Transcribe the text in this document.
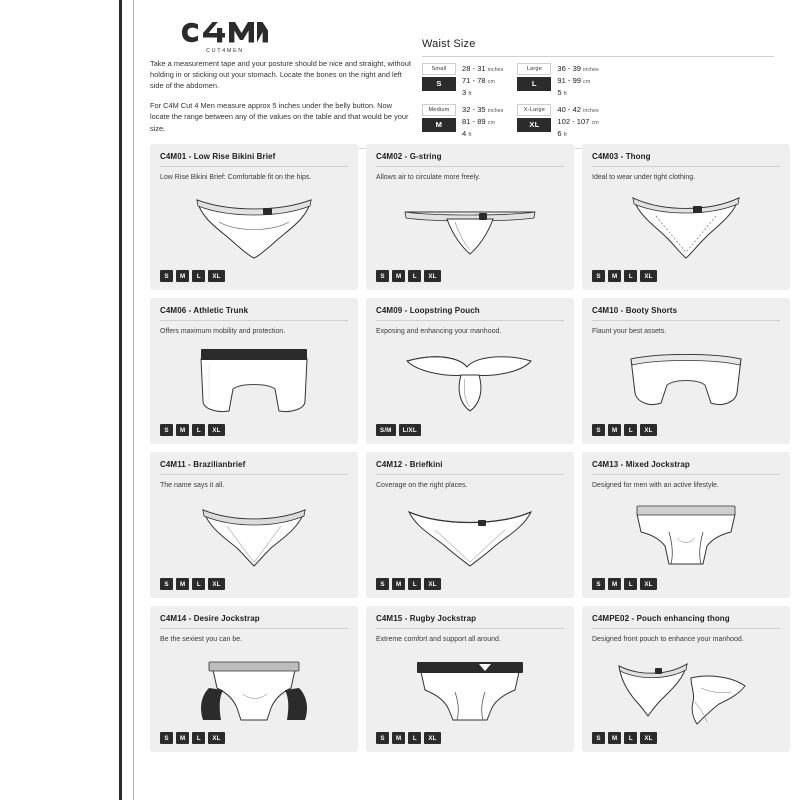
CUT4MEN

Take a measurement tape and your posture should be nice and straight, without holding in or sticking out your stomach. Locate the bones on the right and left side of the abdomen.

For C4M Cut 4 Men measure approx 5 inches under the belly button. Now locate the range between any of the values on the table and that would be your size.

Waist Size
Small
S
28 - 31 inches
71 - 78 cm
3 ft
Medium
M
32 - 35 inches
81 - 89 cm
4 ft
Large
L
36 - 39 inches
91 - 99 cm
5 ft
X-Large
XL
40 - 42 inches
102 - 107 cm
6 ft
C4M01 - Low Rise Bikini Brief
Low Rise Bikini Brief: Comfortable fit on the hips.
S	M	L	XL
C4M02 - G-string
Allows air to circulate more freely.
S	M	L	XL
C4M03 - Thong
Ideal to wear under tight clothing.
S	M	L	XL
C4M06 - Athletic Trunk
Offers maximum mobility and protection.
S	M	L	XL
C4M09 - Loopstring Pouch
Exposing and enhancing your manhood.
S/M	L/XL
C4M10 - Booty Shorts
Flaunt your best assets.
S	M	L	XL
C4M11 - Brazilianbrief
The name says it all.
S	M	L	XL
C4M12 - Briefkini
Coverage on the right places.
S	M	L	XL
C4M13 - Mixed Jockstrap
Designed for men with an active lifestyle.
S	M	L	XL
C4M14 - Desire Jockstrap
Be the sexiest you can be.
S	M	L	XL
C4M15 - Rugby Jockstrap
Extreme comfort and support all around.
S	M	L	XL
C4MPE02 - Pouch enhancing thong
Designed front pouch to enhance your manhood.
S	M	L	XL
